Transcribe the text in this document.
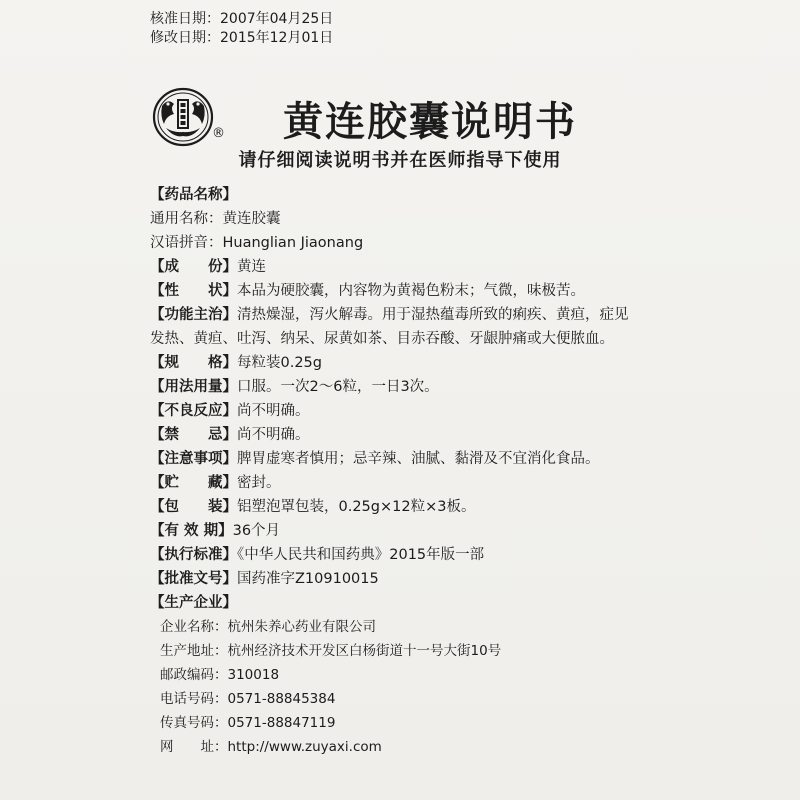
核准日期：2007年04月25日
修改日期：2015年12月01日
®	黄连胶囊说明书
请仔细阅读说明书并在医师指导下使用
【药品名称】
通用名称：黄连胶囊
汉语拼音：Huanglian Jiaonang
【成　　份】黄连
【性　　状】本品为硬胶囊，内容物为黄褐色粉末；气微，味极苦。
【功能主治】清热燥湿，泻火解毒。用于湿热蕴毒所致的痢疾、黄疸，症见
发热、黄疸、吐泻、纳呆、尿黄如茶、目赤吞酸、牙龈肿痛或大便脓血。
【规　　格】每粒装0.25g
【用法用量】口服。一次2～6粒，一日3次。
【不良反应】尚不明确。
【禁　　忌】尚不明确。
【注意事项】脾胃虚寒者慎用；忌辛辣、油腻、黏滑及不宜消化食品。
【贮　　藏】密封。
【包　　装】铝塑泡罩包装，0.25g×12粒×3板。
【有 效 期】36个月
【执行标准】《中华人民共和国药典》2015年版一部
【批准文号】国药准字Z10910015
【生产企业】
企业名称：杭州朱养心药业有限公司
生产地址：杭州经济技术开发区白杨街道十一号大街10号
邮政编码：310018
电话号码：0571-88845384
传真号码：0571-88847119
网　　址：http://www.zuyaxi.com
